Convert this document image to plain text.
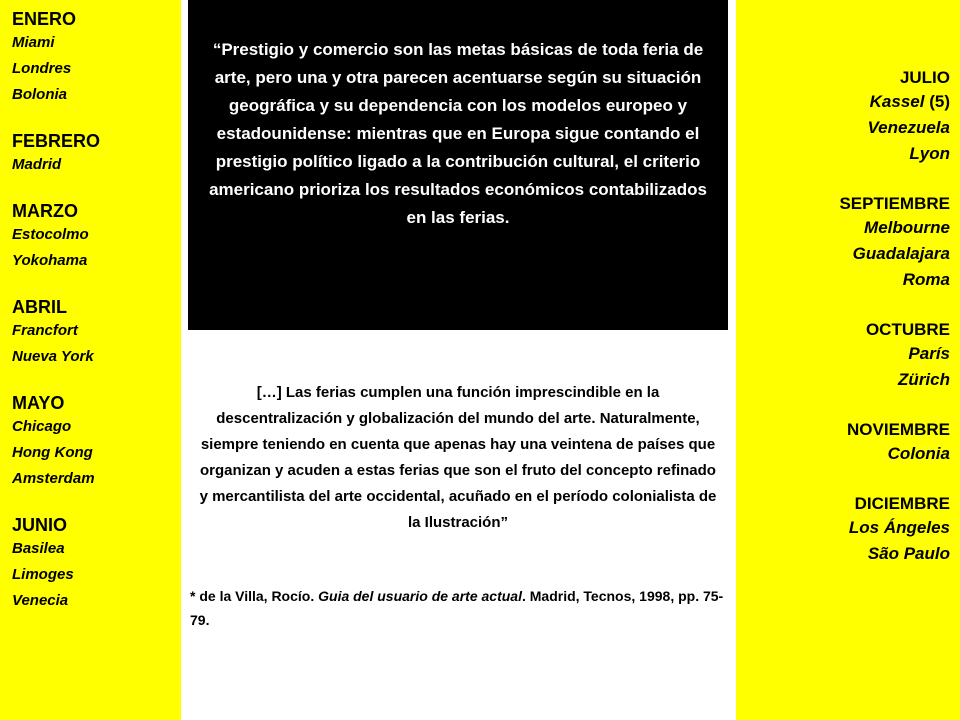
ENERO
Miami
Londres
Bolonia
FEBRERO
Madrid
MARZO
Estocolmo
Yokohama
ABRIL
Francfort
Nueva York
MAYO
Chicago
Hong Kong
Amsterdam
JUNIO
Basilea
Limoges
Venecia
“Prestigio y comercio son las metas básicas de toda feria de arte, pero una y otra parecen acentuarse según su situación geográfica y su dependencia con los modelos europeo y estadounidense: mientras que en Europa sigue contando el prestigio político ligado a la contribución cultural, el criterio americano prioriza los resultados económicos contabilizados en las ferias.
[…] Las ferias cumplen una función imprescindible en la descentralización y globalización del mundo del arte. Naturalmente, siempre teniendo en cuenta que apenas hay una veintena de países que organizan y acuden a estas ferias que son el fruto del concepto refinado y mercantilista del arte occidental, acuñado en el período colonialista de la Ilustración”
* de la Villa, Rocío. Guia del usuario de arte actual. Madrid, Tecnos, 1998, pp. 75- 79.
JULIO
Kassel (5)
Venezuela
Lyon
SEPTIEMBRE
Melbourne
Guadalajara
Roma
OCTUBRE
París
Zürich
NOVIEMBRE
Colonia
DICIEMBRE
Los Ángeles
São Paulo
